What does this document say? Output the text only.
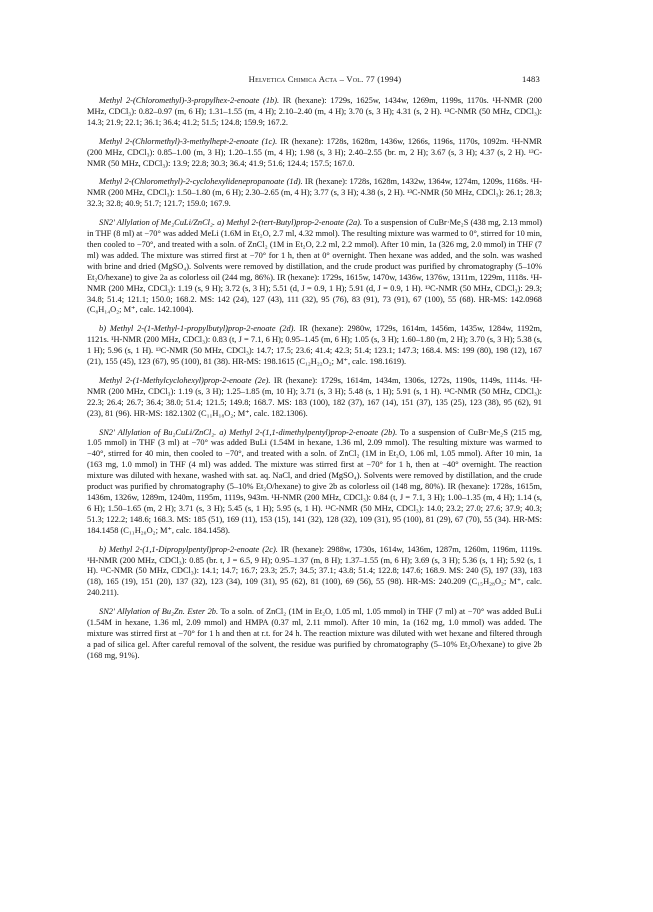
Helvetica Chimica Acta – Vol. 77 (1994)	1483

Methyl 2-(Chloromethyl)-3-propylhex-2-enoate (1b). IR (hexane): 1729s, 1625w, 1434w, 1269m, 1199s, 1170s. ¹H-NMR (200 MHz, CDCl₃): 0.82–0.97 (m, 6 H); 1.31–1.55 (m, 4 H); 2.10–2.40 (m, 4 H); 3.70 (s, 3 H); 4.31 (s, 2 H). ¹³C-NMR (50 MHz, CDCl₃): 14.3; 21.9; 22.1; 36.1; 36.4; 41.2; 51.5; 124.8; 159.9; 167.2.

Methyl 2-(Chlormethyl)-3-methylhept-2-enoate (1c). IR (hexane): 1728s, 1628m, 1436w, 1266s, 1196s, 1170s, 1092m. ¹H-NMR (200 MHz, CDCl₃): 0.85–1.00 (m, 3 H); 1.20–1.55 (m, 4 H); 1.98 (s, 3 H); 2.40–2.55 (br. m, 2 H); 3.67 (s, 3 H); 4.37 (s, 2 H). ¹³C-NMR (50 MHz, CDCl₃): 13.9; 22.8; 30.3; 36.4; 41.9; 51.6; 124.4; 157.5; 167.0.

Methyl 2-(Chloromethyl)-2-cyclohexylidenepropanoate (1d). IR (hexane): 1728s, 1628m, 1432w, 1364w, 1274m, 1209s, 1168s. ¹H-NMR (200 MHz, CDCl₃): 1.50–1.80 (m, 6 H); 2.30–2.65 (m, 4 H); 3.77 (s, 3 H); 4.38 (s, 2 H). ¹³C-NMR (50 MHz, CDCl₃): 26.1; 28.3; 32.3; 32.8; 40.9; 51.7; 121.7; 159.0; 167.9.

SN2′ Allylation of Me₂CuLi/ZnCl₂. a) Methyl 2-(tert-Butyl)prop-2-enoate (2a). To a suspension of CuBr·Me₂S (438 mg, 2.13 mmol) in THF (8 ml) at −70° was added MeLi (1.6M in Et₂O, 2.7 ml, 4.32 mmol). The resulting mixture was warmed to 0°, stirred for 10 min, then cooled to −70°, and treated with a soln. of ZnCl₂ (1M in Et₂O, 2.2 ml, 2.2 mmol). After 10 min, 1a (326 mg, 2.0 mmol) in THF (7 ml) was added. The mixture was stirred first at −70° for 1 h, then at 0° overnight. Then hexane was added, and the soln. was washed with brine and dried (MgSO₄). Solvents were removed by distillation, and the crude product was purified by chromatography (5–10% Et₂O/hexane) to give 2a as colorless oil (244 mg, 86%). IR (hexane): 1729s, 1615w, 1470w, 1436w, 1376w, 1311m, 1229m, 1118s. ¹H-NMR (200 MHz, CDCl₃): 1.19 (s, 9 H); 3.72 (s, 3 H); 5.51 (d, J = 0.9, 1 H); 5.91 (d, J = 0.9, 1 H). ¹³C-NMR (50 MHz, CDCl₃): 29.3; 34.8; 51.4; 121.1; 150.0; 168.2. MS: 142 (24), 127 (43), 111 (32), 95 (76), 83 (91), 73 (91), 67 (100), 55 (68). HR-MS: 142.0968 (C₈H₁₄O₂; M⁺, calc. 142.1004).

b) Methyl 2-(1-Methyl-1-propylbutyl)prop-2-enoate (2d). IR (hexane): 2980w, 1729s, 1614m, 1456m, 1435w, 1284w, 1192m, 1121s. ¹H-NMR (200 MHz, CDCl₃): 0.83 (t, J = 7.1, 6 H); 0.95–1.45 (m, 6 H); 1.05 (s, 3 H); 1.60–1.80 (m, 2 H); 3.70 (s, 3 H); 5.38 (s, 1 H); 5.96 (s, 1 H). ¹³C-NMR (50 MHz, CDCl₃): 14.7; 17.5; 23.6; 41.4; 42.3; 51.4; 123.1; 147.3; 168.4. MS: 199 (80), 198 (12), 167 (21), 155 (45), 123 (67), 95 (100), 81 (38). HR-MS: 198.1615 (C₁₂H₂₂O₂; M⁺, calc. 198.1619).

Methyl 2-(1-Methylcyclohexyl)prop-2-enoate (2e). IR (hexane): 1729s, 1614m, 1434m, 1306s, 1272s, 1190s, 1149s, 1114s. ¹H-NMR (200 MHz, CDCl₃): 1.19 (s, 3 H); 1.25–1.85 (m, 10 H); 3.71 (s, 3 H); 5.48 (s, 1 H); 5.91 (s, 1 H). ¹³C-NMR (50 MHz, CDCl₃): 22.3; 26.4; 26.7; 36.4; 38.0; 51.4; 121.5; 149.8; 168.7. MS: 183 (100), 182 (37), 167 (14), 151 (37), 135 (25), 123 (38), 95 (62), 91 (23), 81 (96). HR-MS: 182.1302 (C₁₁H₁₈O₂; M⁺, calc. 182.1306).

SN2′ Allylation of Bu₂CuLi/ZnCl₂. a) Methyl 2-(1,1-dimethylpentyl)prop-2-enoate (2b). To a suspension of CuBr·Me₂S (215 mg, 1.05 mmol) in THF (3 ml) at −70° was added BuLi (1.54M in hexane, 1.36 ml, 2.09 mmol). The resulting mixture was warmed to −40°, stirred for 40 min, then cooled to −70°, and treated with a soln. of ZnCl₂ (1M in Et₂O, 1.06 ml, 1.05 mmol). After 10 min, 1a (163 mg, 1.0 mmol) in THF (4 ml) was added. The mixture was stirred first at −70° for 1 h, then at −40° overnight. The reaction mixture was diluted with hexane, washed with sat. aq. NaCl, and dried (MgSO₄). Solvents were removed by distillation, and the crude product was purified by chromatography (5–10% Et₂O/hexane) to give 2b as colorless oil (148 mg, 80%). IR (hexane): 1728s, 1615m, 1436m, 1326w, 1289m, 1240m, 1195m, 1119s, 943m. ¹H-NMR (200 MHz, CDCl₃): 0.84 (t, J = 7.1, 3 H); 1.00–1.35 (m, 4 H); 1.14 (s, 6 H); 1.50–1.65 (m, 2 H); 3.71 (s, 3 H); 5.45 (s, 1 H); 5.95 (s, 1 H). ¹³C-NMR (50 MHz, CDCl₃): 14.0; 23.2; 27.0; 27.6; 37.9; 40.3; 51.3; 122.2; 148.6; 168.3. MS: 185 (51), 169 (11), 153 (15), 141 (32), 128 (32), 109 (31), 95 (100), 81 (29), 67 (70), 55 (34). HR-MS: 184.1458 (C₁₁H₂₀O₂; M⁺, calc. 184.1458).

b) Methyl 2-(1,1-Dipropylpentyl)prop-2-enoate (2c). IR (hexane): 2988w, 1730s, 1614w, 1436m, 1287m, 1260m, 1196m, 1119s. ¹H-NMR (200 MHz, CDCl₃): 0.85 (br. t, J = 6.5, 9 H); 0.95–1.37 (m, 8 H); 1.37–1.55 (m, 6 H); 3.69 (s, 3 H); 5.36 (s, 1 H); 5.92 (s, 1 H). ¹³C-NMR (50 MHz, CDCl₃): 14.1; 14.7; 16.7; 23.3; 25.7; 34.5; 37.1; 43.8; 51.4; 122.8; 147.6; 168.9. MS: 240 (5), 197 (33), 183 (18), 165 (19), 151 (20), 137 (32), 123 (34), 109 (31), 95 (62), 81 (100), 69 (56), 55 (98). HR-MS: 240.209 (C₁₅H₂₈O₂; M⁺, calc. 240.211).

SN2′ Allylation of Bu₂Zn. Ester 2b. To a soln. of ZnCl₂ (1M in Et₂O, 1.05 ml, 1.05 mmol) in THF (7 ml) at −70° was added BuLi (1.54M in hexane, 1.36 ml, 2.09 mmol) and HMPA (0.37 ml, 2.11 mmol). After 10 min, 1a (162 mg, 1.0 mmol) was added. The mixture was stirred first at −70° for 1 h and then at r.t. for 24 h. The reaction mixture was diluted with wet hexane and filtered through a pad of silica gel. After careful removal of the solvent, the residue was purified by chromatography (5–10% Et₂O/hexane) to give 2b (168 mg, 91%).
